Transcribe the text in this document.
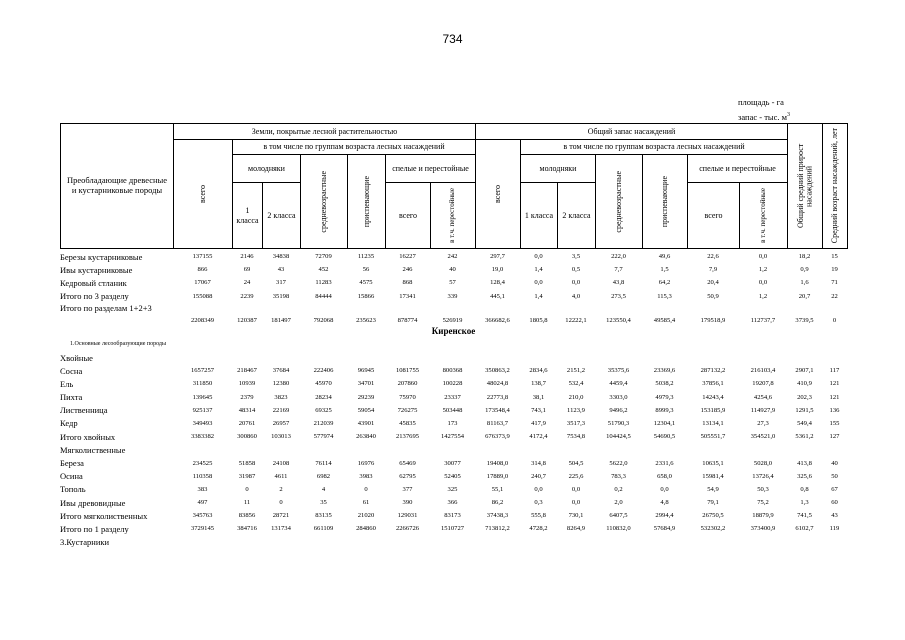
734
площадь - га
запас - тыс. $м^3$
Преобладающие древесные и кустарниковые породы	Земли, покрытые лесной растительностью							Общий запас насаждений							Общий средний прирост насаждений	Средний возраст насаждений, лет

	всего	в том числе по группам возраста лесных насаждений						всего	в том числе по группам возраста лесных насаждений							
		молодняки		средневозрастные	приспевающие	спелые и перестойные			молодняки		средневозрастные	приспевающие	спелые и перестойные			
		1 класса	2 класса			всего	в т.ч. перестойные		1 класса	2 класса			всего	в т.ч. перестойные		
Березы кустарниковые	137155	2146	34838	72709	11235	16227	242	297,7	0,0	3,5	222,0	49,6	22,6	0,0	18,2	15
Ивы кустарниковые	866	69	43	452	56	246	40	19,0	1,4	0,5	7,7	1,5	7,9	1,2	0,9	19
Кедровый стланик	17067	24	317	11283	4575	868	57	128,4	0,0	0,0	43,8	64,2	20,4	0,0	1,6	71
Итого по 3 разделу	155088	2239	35198	84444	15866	17341	339	445,1	1,4	4,0	273,5	115,3	50,9	1,2	20,7	22
Итого по разделам 1+2+3	2208349	120387	181497	792068	235623	878774	526919	366682,6	1805,8	12222,1	123550,4	49585,4	179518,9	112737,7	3739,5	0
Киренское																
1.Основные лесообразующие породы																
Хвойные																
Сосна	1657257	218467	37684	222406	96945	1081755	800368	350863,2	2834,6	2151,2	35375,6	23369,6	287132,2	216103,4	2907,1	117
Ель	311850	10939	12380	45970	34701	207860	100228	48024,8	138,7	532,4	4459,4	5038,2	37856,1	19207,8	410,9	121
Пихта	139645	2379	3823	28234	29239	75970	23337	22773,8	38,1	210,0	3303,0	4979,3	14243,4	4254,6	202,3	121
Лиственница	925137	48314	22169	69325	59054	726275	503448	173548,4	743,1	1123,9	9496,2	8999,3	153185,9	114927,9	1291,5	136
Кедр	349493	20761	26957	212039	43901	45835	173	81163,7	417,9	3517,3	51790,3	12304,1	13134,1	27,3	549,4	155
Итого хвойных	3383382	300860	103013	577974	263840	2137695	1427554	676373,9	4172,4	7534,8	104424,5	54690,5	505551,7	354521,0	5361,2	127
Мягколиственные																
Береза	234525	51858	24108	76114	16976	65469	30077	19408,0	314,8	504,5	5622,0	2331,6	10635,1	5028,0	413,8	40
Осина	110358	31987	4611	6982	3983	62795	52405	17889,0	240,7	225,6	783,3	658,0	15981,4	13726,4	325,6	50
Тополь	383	0	2	4	0	377	325	55,1	0,0	0,0	0,2	0,0	54,9	50,3	0,8	67
Ивы древовидные	497	11	0	35	61	390	366	86,2	0,3	0,0	2,0	4,8	79,1	75,2	1,3	60
Итого мягколиственных	345763	83856	28721	83135	21020	129031	83173	37438,3	555,8	730,1	6407,5	2994,4	26750,5	18879,9	741,5	43
Итого по 1 разделу	3729145	384716	131734	661109	284860	2266726	1510727	713812,2	4728,2	8264,9	110832,0	57684,9	532302,2	373400,9	6102,7	119
3.Кустарники																
